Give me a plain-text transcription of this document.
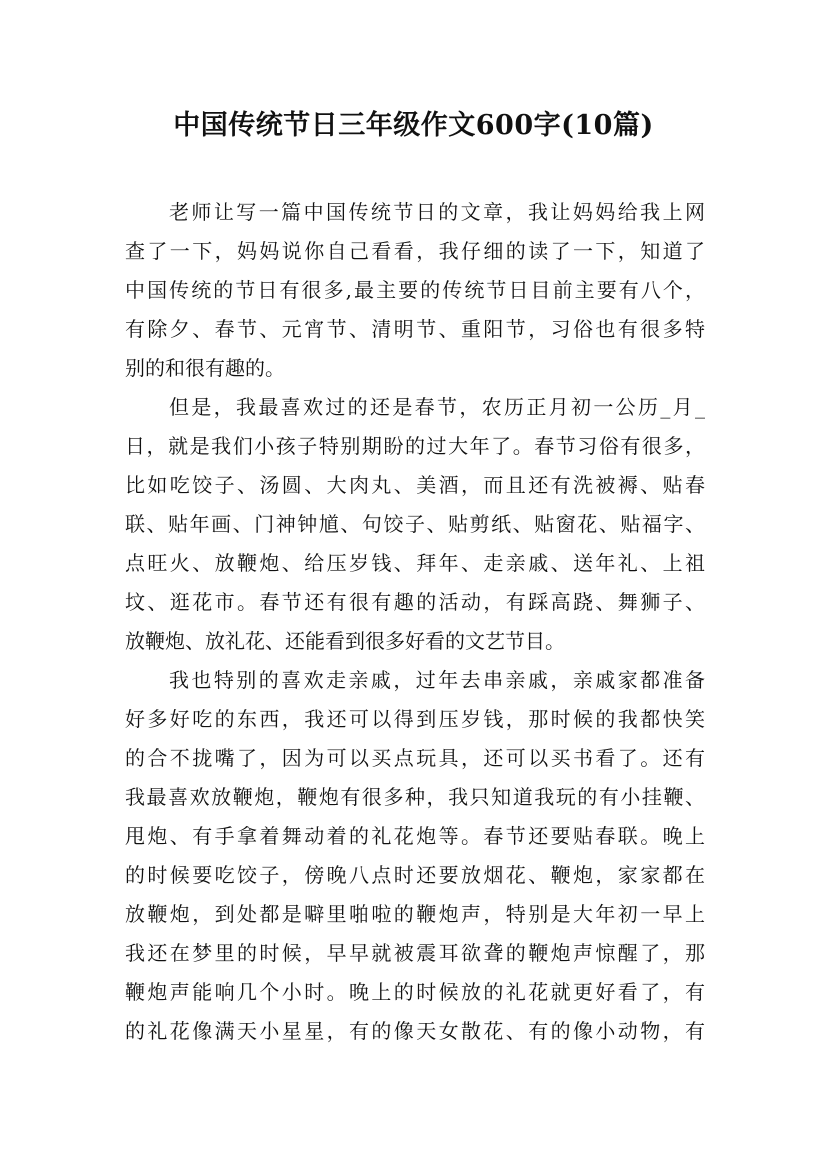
中国传统节日三年级作文600字(10篇)
老师让写一篇中国传统节日的文章，我让妈妈给我上网
查了一下，妈妈说你自己看看，我仔细的读了一下，知道了
中国传统的节日有很多,最主要的传统节日目前主要有八个，
有除夕、春节、元宵节、清明节、重阳节，习俗也有很多特
别的和很有趣的。
但是，我最喜欢过的还是春节，农历正月初一公历_月_
日，就是我们小孩子特别期盼的过大年了。春节习俗有很多，
比如吃饺子、汤圆、大肉丸、美酒，而且还有洗被褥、贴春
联、贴年画、门神钟馗、句饺子、贴剪纸、贴窗花、贴福字、
点旺火、放鞭炮、给压岁钱、拜年、走亲戚、送年礼、上祖
坟、逛花市。春节还有很有趣的活动，有踩高跷、舞狮子、
放鞭炮、放礼花、还能看到很多好看的文艺节目。
我也特别的喜欢走亲戚，过年去串亲戚，亲戚家都准备
好多好吃的东西，我还可以得到压岁钱，那时候的我都快笑
的合不拢嘴了，因为可以买点玩具，还可以买书看了。还有
我最喜欢放鞭炮，鞭炮有很多种，我只知道我玩的有小挂鞭、
甩炮、有手拿着舞动着的礼花炮等。春节还要贴春联。晚上
的时候要吃饺子，傍晚八点时还要放烟花、鞭炮，家家都在
放鞭炮，到处都是噼里啪啦的鞭炮声，特别是大年初一早上
我还在梦里的时候，早早就被震耳欲聋的鞭炮声惊醒了，那
鞭炮声能响几个小时。晚上的时候放的礼花就更好看了，有
的礼花像满天小星星，有的像天女散花、有的像小动物，有
